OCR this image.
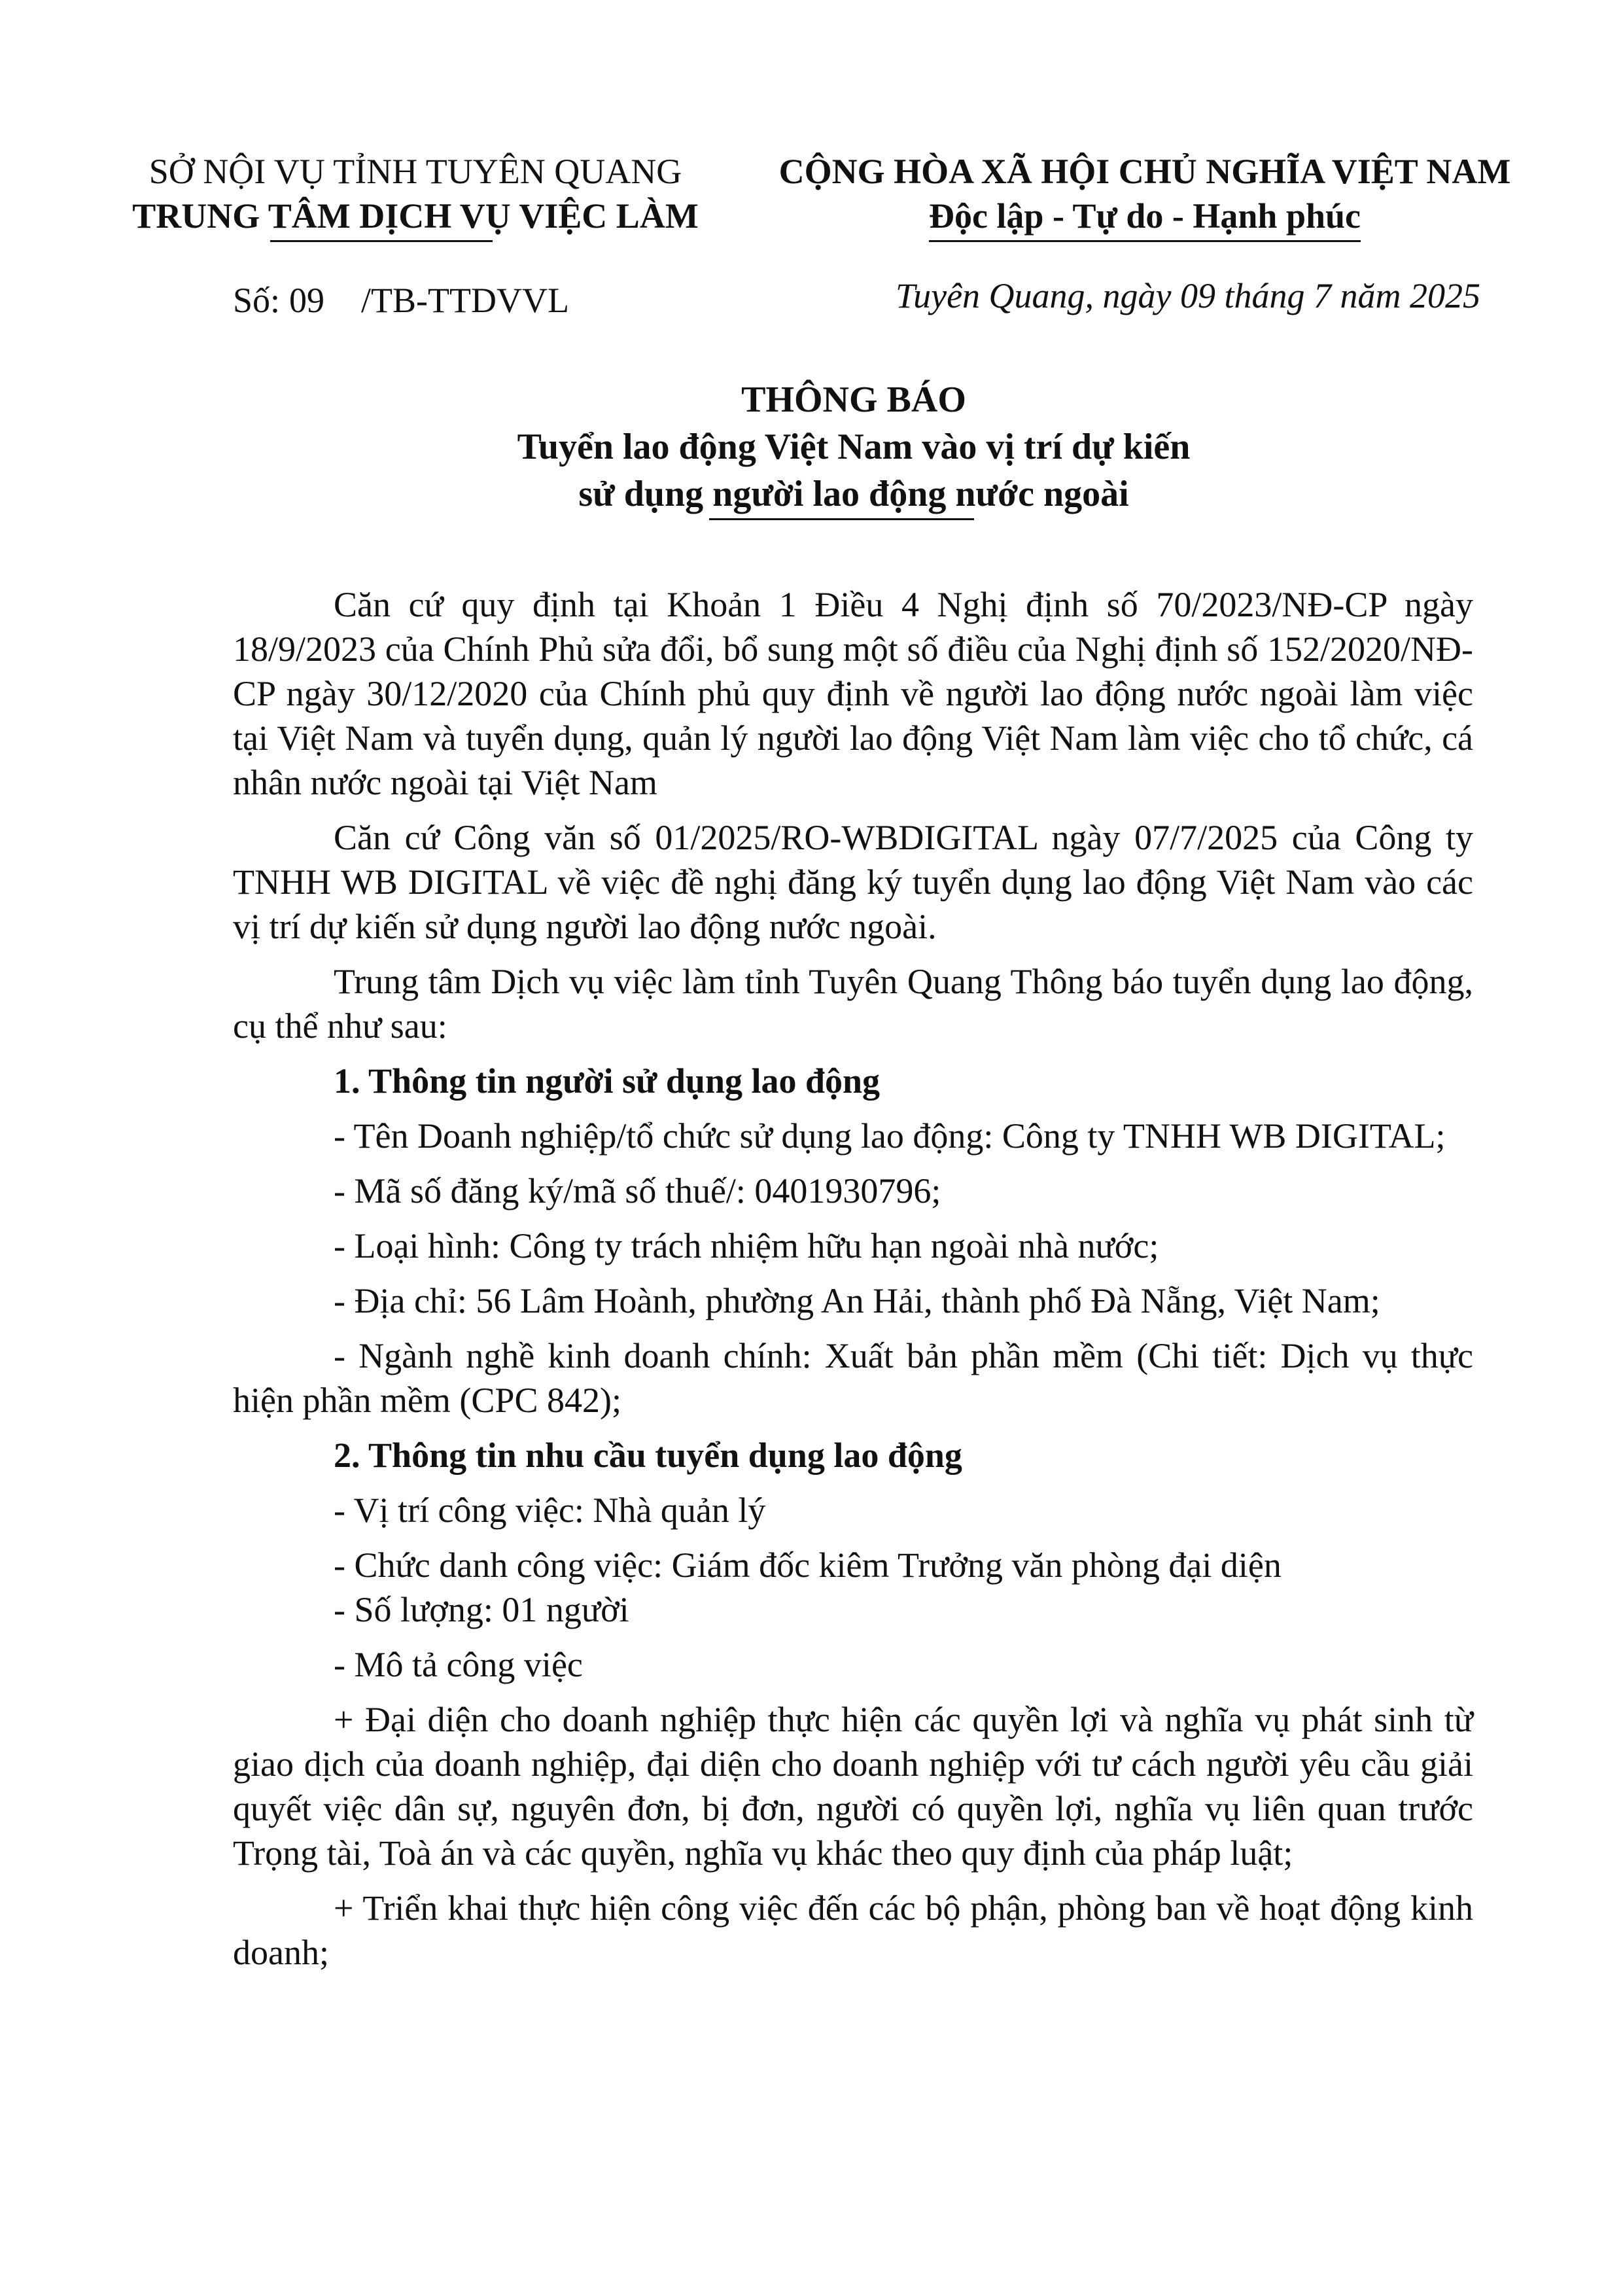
SỞ NỘI VỤ TỈNH TUYÊN QUANG
TRUNG TÂM DỊCH VỤ VIỆC LÀM
CỘNG HÒA XÃ HỘI CHỦ NGHĨA VIỆT NAM
Độc lập - Tự do - Hạnh phúc
Số: 09 /TB-TTDVVL	Tuyên Quang, ngày 09 tháng 7 năm 2025
THÔNG BÁO
Tuyển lao động Việt Nam vào vị trí dự kiến
sử dụng người lao động nước ngoài

Căn cứ quy định tại Khoản 1 Điều 4 Nghị định số 70/2023/NĐ-CP ngày 18/9/2023 của Chính Phủ sửa đổi, bổ sung một số điều của Nghị định số 152/2020/NĐ-CP ngày 30/12/2020 của Chính phủ quy định về người lao động nước ngoài làm việc tại Việt Nam và tuyển dụng, quản lý người lao động Việt Nam làm việc cho tổ chức, cá nhân nước ngoài tại Việt Nam

Căn cứ Công văn số 01/2025/RO-WBDIGITAL ngày 07/7/2025 của Công ty TNHH WB DIGITAL về việc đề nghị đăng ký tuyển dụng lao động Việt Nam vào các vị trí dự kiến sử dụng người lao động nước ngoài.

Trung tâm Dịch vụ việc làm tỉnh Tuyên Quang Thông báo tuyển dụng lao động, cụ thể như sau:

1. Thông tin người sử dụng lao động
- Tên Doanh nghiệp/tổ chức sử dụng lao động: Công ty TNHH WB DIGITAL;
- Mã số đăng ký/mã số thuế/: 0401930796;
- Loại hình: Công ty trách nhiệm hữu hạn ngoài nhà nước;
- Địa chỉ: 56 Lâm Hoành, phường An Hải, thành phố Đà Nẵng, Việt Nam;
- Ngành nghề kinh doanh chính: Xuất bản phần mềm (Chi tiết: Dịch vụ thực hiện phần mềm (CPC 842);
2. Thông tin nhu cầu tuyển dụng lao động
- Vị trí công việc: Nhà quản lý
- Chức danh công việc: Giám đốc kiêm Trưởng văn phòng đại diện
- Số lượng: 01 người
- Mô tả công việc
+ Đại diện cho doanh nghiệp thực hiện các quyền lợi và nghĩa vụ phát sinh từ giao dịch của doanh nghiệp, đại diện cho doanh nghiệp với tư cách người yêu cầu giải quyết việc dân sự, nguyên đơn, bị đơn, người có quyền lợi, nghĩa vụ liên quan trước Trọng tài, Toà án và các quyền, nghĩa vụ khác theo quy định của pháp luật;
+ Triển khai thực hiện công việc đến các bộ phận, phòng ban về hoạt động kinh doanh;
